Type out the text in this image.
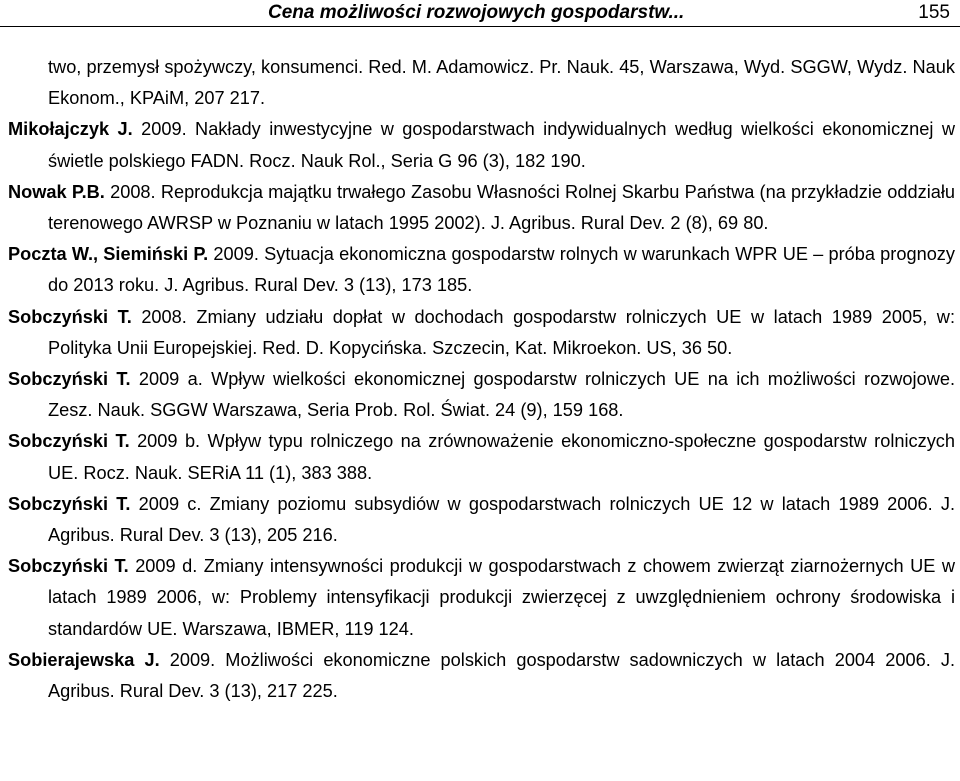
Cena możliwości rozwojowych gospodarstw...	155

two, przemysł spożywczy, konsumenci. Red. M. Adamowicz. Pr. Nauk. 45, Warszawa, Wyd. SGGW, Wydz. Nauk Ekonom., KPAiM, 207 217.

Mikołajczyk J. 2009. Nakłady inwestycyjne w gospodarstwach indywidualnych według wielkości ekonomicznej w świetle polskiego FADN. Rocz. Nauk Rol., Seria G 96 (3), 182 190.

Nowak P.B. 2008. Reprodukcja majątku trwałego Zasobu Własności Rolnej Skarbu Państwa (na przykładzie oddziału terenowego AWRSP w Poznaniu w latach 1995 2002). J. Agribus. Rural Dev. 2 (8), 69 80.

Poczta W., Siemiński P. 2009. Sytuacja ekonomiczna gospodarstw rolnych w warunkach WPR UE – próba prognozy do 2013 roku. J. Agribus. Rural Dev. 3 (13), 173 185.

Sobczyński T. 2008. Zmiany udziału dopłat w dochodach gospodarstw rolniczych UE w latach 1989 2005, w: Polityka Unii Europejskiej. Red. D. Kopycińska. Szczecin, Kat. Mikroekon. US, 36 50.

Sobczyński T. 2009 a. Wpływ wielkości ekonomicznej gospodarstw rolniczych UE na ich możliwości rozwojowe. Zesz. Nauk. SGGW Warszawa, Seria Prob. Rol. Świat. 24 (9), 159 168.

Sobczyński T. 2009 b. Wpływ typu rolniczego na zrównoważenie ekonomiczno-społeczne gospodarstw rolniczych UE. Rocz. Nauk. SERiA 11 (1), 383 388.

Sobczyński T. 2009 c. Zmiany poziomu subsydiów w gospodarstwach rolniczych UE 12 w latach 1989 2006. J. Agribus. Rural Dev. 3 (13), 205 216.

Sobczyński T. 2009 d. Zmiany intensywności produkcji w gospodarstwach z chowem zwierząt ziarnożernych UE w latach 1989 2006, w: Problemy intensyfikacji produkcji zwierzęcej z uwzględnieniem ochrony środowiska i standardów UE. Warszawa, IBMER, 119 124.

Sobierajewska J. 2009. Możliwości ekonomiczne polskich gospodarstw sadowniczych w latach 2004 2006. J. Agribus. Rural Dev. 3 (13), 217 225.
